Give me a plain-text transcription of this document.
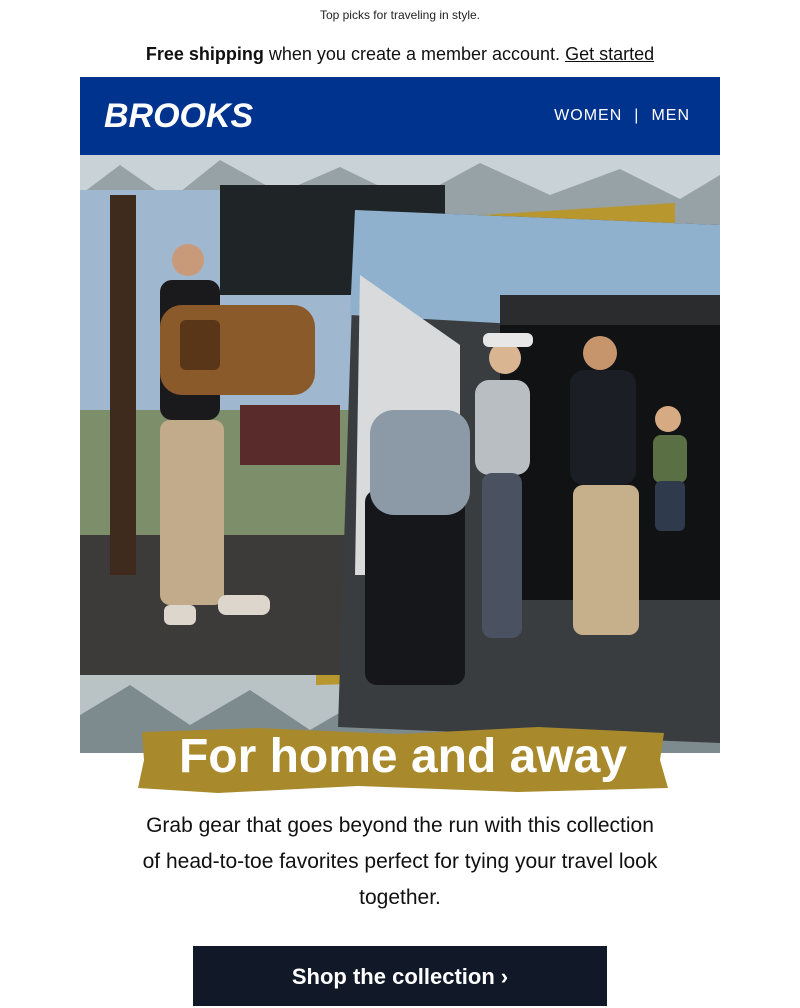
Top picks for traveling in style.
Free shipping when you create a member account. Get started
BROOKS	WOMEN | MEN
For home and away
Grab gear that goes beyond the run with this collection of head-to-toe favorites perfect for tying your travel look together.
Shop the collection ›
